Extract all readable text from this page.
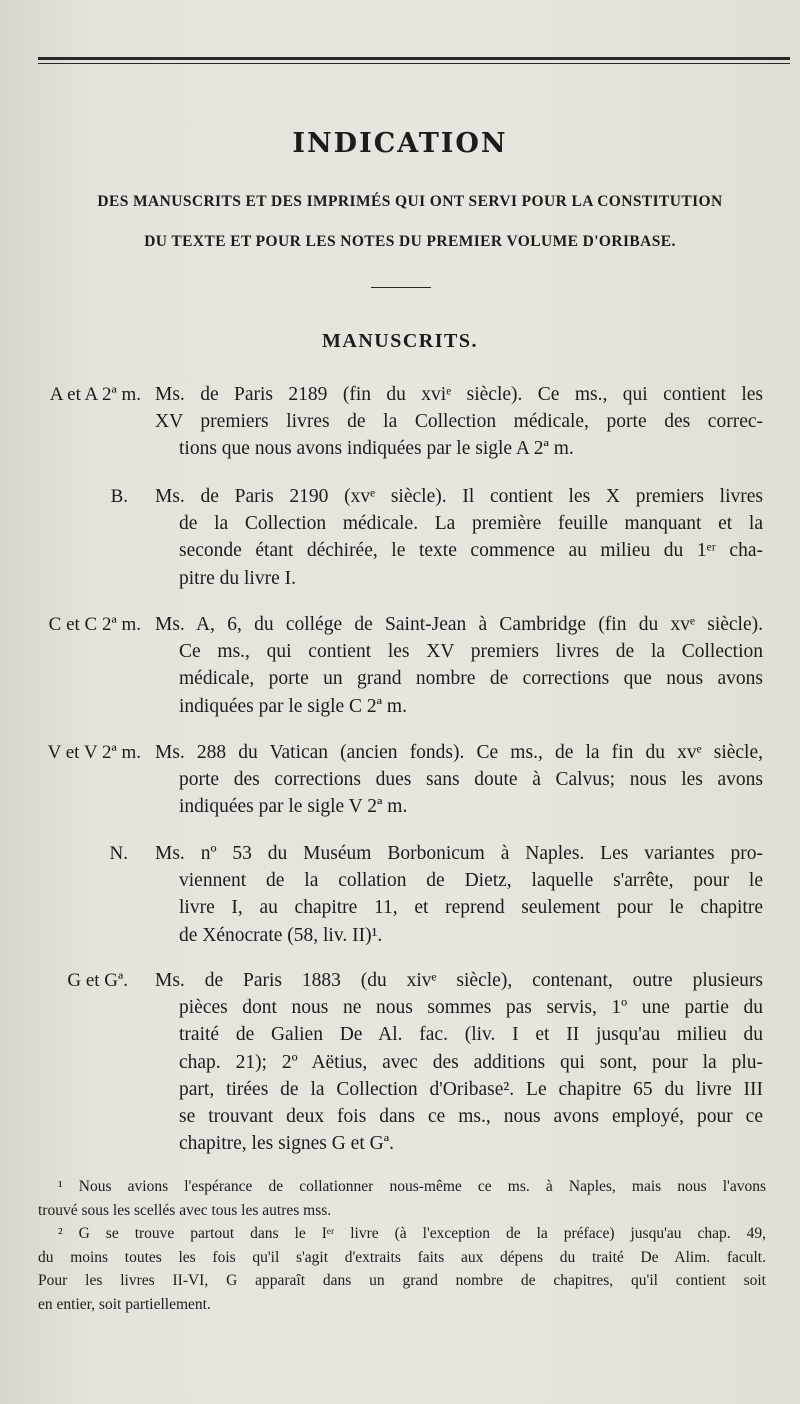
INDICATION
DES MANUSCRITS ET DES IMPRIMÉS QUI ONT SERVI POUR LA CONSTITUTION
DU TEXTE ET POUR LES NOTES DU PREMIER VOLUME D'ORIBASE.
MANUSCRITS.
A et A 2ª m. Ms. de Paris 2189 (fin du xviᵉ siècle). Ce ms., qui contient les
XV premiers livres de la Collection médicale, porte des correc-
tions que nous avons indiquées par le sigle A 2ª m.
B. Ms. de Paris 2190 (xvᵉ siècle). Il contient les X premiers livres
de la Collection médicale. La première feuille manquant et la
seconde étant déchirée, le texte commence au milieu du 1ᵉʳ cha-
pitre du livre I.
C et C 2ª m. Ms. A, 6, du collége de Saint-Jean à Cambridge (fin du xvᵉ siècle).
Ce ms., qui contient les XV premiers livres de la Collection
médicale, porte un grand nombre de corrections que nous avons
indiquées par le sigle C 2ª m.
V et V 2ª m. Ms. 288 du Vatican (ancien fonds). Ce ms., de la fin du xvᵉ siècle,
porte des corrections dues sans doute à Calvus; nous les avons
indiquées par le sigle V 2ª m.
N. Ms. nº 53 du Muséum Borbonicum à Naples. Les variantes pro-
viennent de la collation de Dietz, laquelle s'arrête, pour le
livre I, au chapitre 11, et reprend seulement pour le chapitre
de Xénocrate (58, liv. II)¹.
G et Gª. Ms. de Paris 1883 (du xivᵉ siècle), contenant, outre plusieurs
pièces dont nous ne nous sommes pas servis, 1º une partie du
traité de Galien De Al. fac. (liv. I et II jusqu'au milieu du
chap. 21); 2º Aëtius, avec des additions qui sont, pour la plu-
part, tirées de la Collection d'Oribase². Le chapitre 65 du livre III
se trouvant deux fois dans ce ms., nous avons employé, pour ce
chapitre, les signes G et Gª.
¹ Nous avions l'espérance de collationner nous-même ce ms. à Naples, mais nous l'avons
trouvé sous les scellés avec tous les autres mss.
² G se trouve partout dans le Iᵉʳ livre (à l'exception de la préface) jusqu'au chap. 49,
du moins toutes les fois qu'il s'agit d'extraits faits aux dépens du traité De Alim. facult.
Pour les livres II-VI, G apparaît dans un grand nombre de chapitres, qu'il contient soit
en entier, soit partiellement.
